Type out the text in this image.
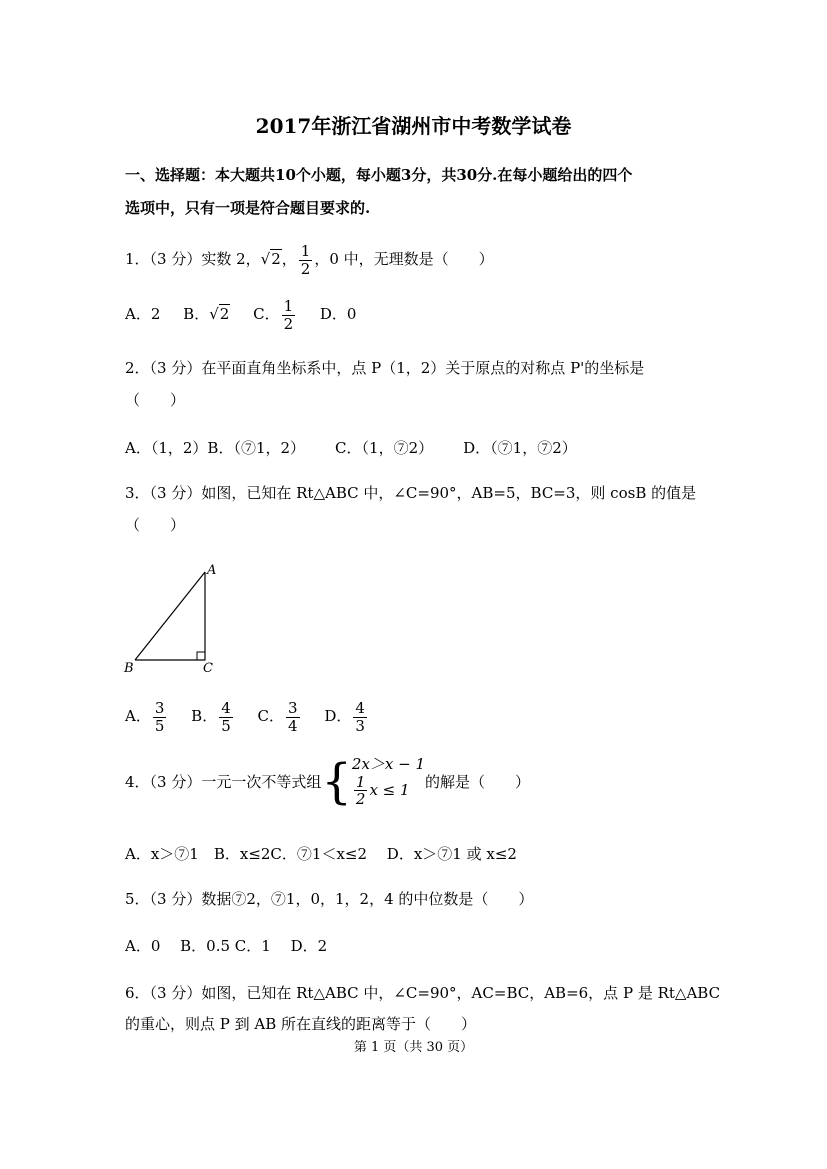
2017年浙江省湖州市中考数学试卷
一、选择题：本大题共10个小题，每小题3分，共30分.在每小题给出的四个
选项中，只有一项是符合题目要求的.
1．（3 分）实数 2，√2， $\frac{1}{2}$ ，0 中，无理数是（　　）
A．2 B．√2 C． $\frac{1}{2}$ D．0
2．（3 分）在平面直角坐标系中，点 P（1，2）关于原点的对称点 P'的坐标是
（　　）
A．（1，2）B．（⑦1，2） C．（1，⑦2） D．（⑦1，⑦2）
3．（3 分）如图，已知在 Rt△ABC 中，∠C=90°，AB=5，BC=3，则 cosB 的值是
（　　）
A
B	C
A． $\frac{3}{5}$ B． $\frac{4}{5}$ C． $\frac{3}{4}$ D． $\frac{4}{3}$
4．（3 分）一元一次不等式组{ 2x＞x − 1
$\frac{1}{2}$ x ≤ 1	的解是（　　）
A．x＞⑦1　B．x≤2C．⑦1＜x≤2　 D．x＞⑦1 或 x≤2
5．（3 分）数据⑦2，⑦1，0，1，2，4 的中位数是（　　）
A．0　 B．0.5 C．1　 D．2
6．（3 分）如图，已知在 Rt△ABC 中，∠C=90°，AC=BC，AB=6，点 P 是 Rt△ABC
的重心，则点 P 到 AB 所在直线的距离等于（　　）
第 1 页（共 30 页）
